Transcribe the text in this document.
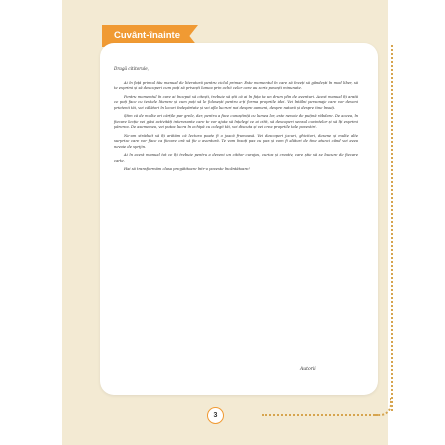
Cuvânt-înainte

Dragă cititorule,

Ai în față primul tău manual de literatură pentru ciclul primar. Este momentul în care să înveți să gândești în mod liber, să te exprimi și să descoperi cum poți să privești lumea prin ochii celor care au scris povești minunate.

Pentru momentul în care ai început să citești, trebuie să știi că ai în fața ta un drum plin de aventuri. Acest manual îți arată ce poți face cu textele literare și cum poți să le folosești pentru a-ți forma propriile idei. Vei întâlni personaje care vor deveni prietenii tăi, vei călători în locuri îndepărtate și vei afla lucruri noi despre oameni, despre natură și despre tine însuți.

Știm că de multe ori cărțile par grele, dar, pentru a face cunoștință cu lumea lor, este nevoie de puțină răbdare. De aceea, în fiecare lecție vei găsi activități interesante care te vor ajuta să înțelegi ce ai citit, să descoperi sensul cuvintelor și să îți exprimi părerea. De asemenea, vei putea lucra în echipă cu colegii tăi, vei discuta și vei crea propriile tale povestiri.

Ne-am străduit să îți arătăm că lectura poate fi o joacă frumoasă. Vei descoperi jocuri, ghicitori, desene și multe alte surprize care vor face ca fiecare oră să fie o aventură. Te vom însoți pas cu pas și vom fi alături de tine atunci când vei avea nevoie de sprijin.

Ai în acest manual tot ce îți trebuie pentru a deveni un cititor curajos, curios și creativ, care știe să se bucure de fiecare carte.

Hai să transformăm clasa pregătitoare într-o poveste încântătoare!

Autorii
3
